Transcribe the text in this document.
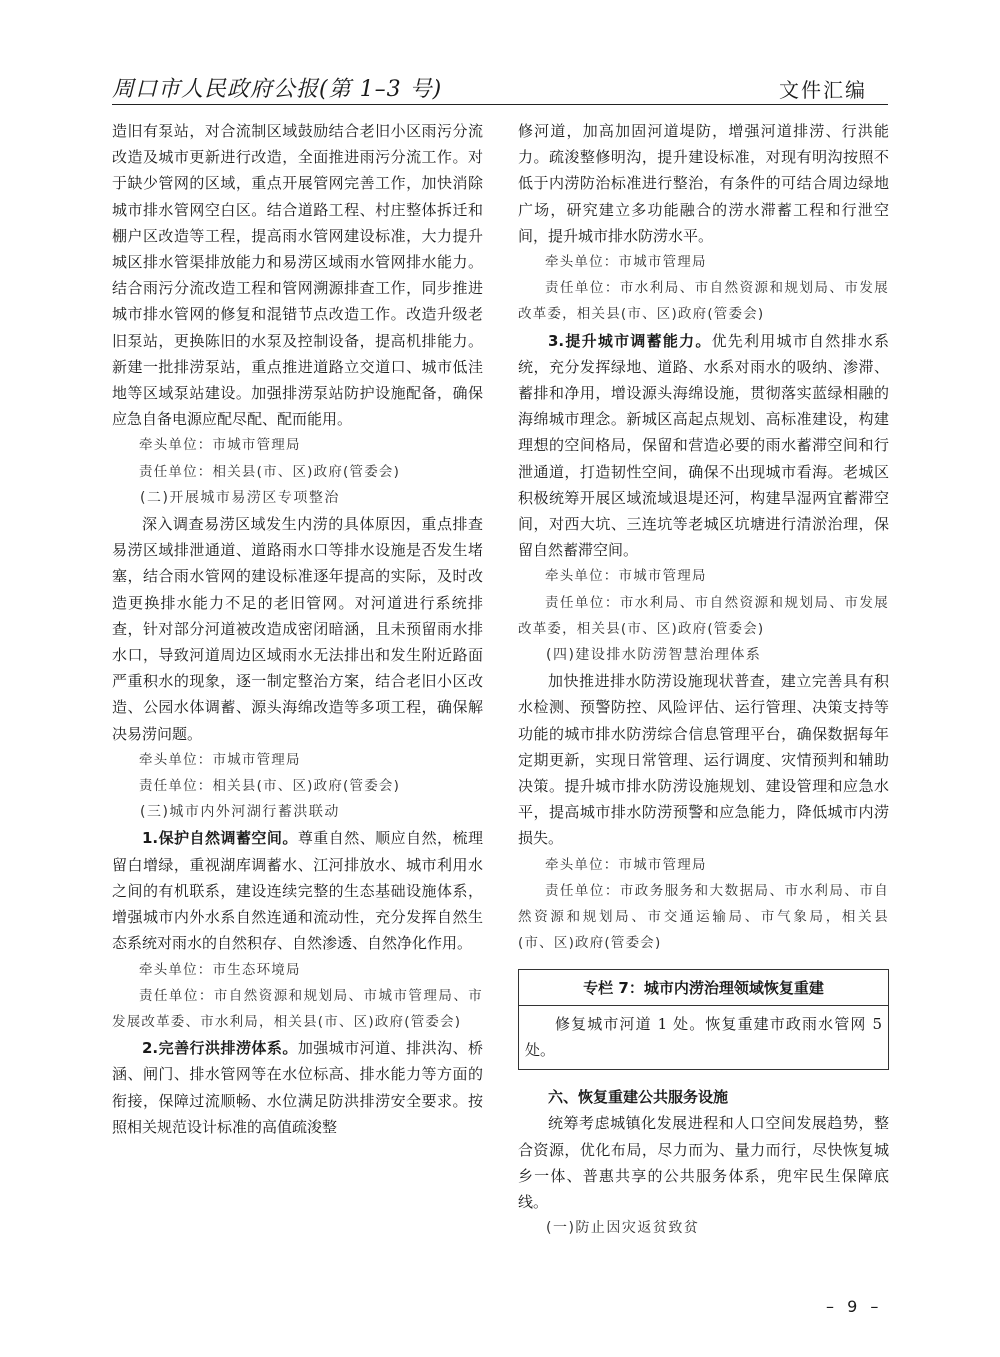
周口市人民政府公报(第 1–3 号)	文件汇编

造旧有泵站，对合流制区域鼓励结合老旧小区雨污分流改造及城市更新进行改造，全面推进雨污分流工作。对于缺少管网的区域，重点开展管网完善工作，加快消除城市排水管网空白区。结合道路工程、村庄整体拆迁和棚户区改造等工程，提高雨水管网建设标准，大力提升城区排水管渠排放能力和易涝区域雨水管网排水能力。结合雨污分流改造工程和管网溯源排查工作，同步推进城市排水管网的修复和混错节点改造工作。改造升级老旧泵站，更换陈旧的水泵及控制设备，提高机排能力。新建一批排涝泵站，重点推进道路立交道口、城市低洼地等区域泵站建设。加强排涝泵站防护设施配备，确保应急自备电源应配尽配、配而能用。

牵头单位：市城市管理局

责任单位：相关县(市、区)政府(管委会)

(二)开展城市易涝区专项整治

深入调查易涝区域发生内涝的具体原因，重点排查易涝区域排泄通道、道路雨水口等排水设施是否发生堵塞，结合雨水管网的建设标准逐年提高的实际，及时改造更换排水能力不足的老旧管网。对河道进行系统排查，针对部分河道被改造成密闭暗涵，且未预留雨水排水口，导致河道周边区域雨水无法排出和发生附近路面严重积水的现象，逐一制定整治方案，结合老旧小区改造、公园水体调蓄、源头海绵改造等多项工程，确保解决易涝问题。

牵头单位：市城市管理局

责任单位：相关县(市、区)政府(管委会)

(三)城市内外河湖行蓄洪联动

1.保护自然调蓄空间。尊重自然、顺应自然，梳理留白增绿，重视湖库调蓄水、江河排放水、城市利用水之间的有机联系，建设连续完整的生态基础设施体系，增强城市内外水系自然连通和流动性，充分发挥自然生态系统对雨水的自然积存、自然渗透、自然净化作用。

牵头单位：市生态环境局

责任单位：市自然资源和规划局、市城市管理局、市发展改革委、市水利局，相关县(市、区)政府(管委会)

2.完善行洪排涝体系。加强城市河道、排洪沟、桥涵、闸门、排水管网等在水位标高、排水能力等方面的衔接，保障过流顺畅、水位满足防洪排涝安全要求。按照相关规范设计标准的高值疏浚整

修河道，加高加固河道堤防，增强河道排涝、行洪能力。疏浚整修明沟，提升建设标准，对现有明沟按照不低于内涝防治标准进行整治，有条件的可结合周边绿地广场，研究建立多功能融合的涝水滞蓄工程和行泄空间，提升城市排水防涝水平。

牵头单位：市城市管理局

责任单位：市水利局、市自然资源和规划局、市发展改革委，相关县(市、区)政府(管委会)

3.提升城市调蓄能力。优先利用城市自然排水系统，充分发挥绿地、道路、水系对雨水的吸纳、渗滞、蓄排和净用，增设源头海绵设施，贯彻落实蓝绿相融的海绵城市理念。新城区高起点规划、高标准建设，构建理想的空间格局，保留和营造必要的雨水蓄滞空间和行泄通道，打造韧性空间，确保不出现城市看海。老城区积极统筹开展区域流域退堤还河，构建旱湿两宜蓄滞空间，对西大坑、三连坑等老城区坑塘进行清淤治理，保留自然蓄滞空间。

牵头单位：市城市管理局

责任单位：市水利局、市自然资源和规划局、市发展改革委，相关县(市、区)政府(管委会)

(四)建设排水防涝智慧治理体系

加快推进排水防涝设施现状普查，建立完善具有积水检测、预警防控、风险评估、运行管理、决策支持等功能的城市排水防涝综合信息管理平台，确保数据每年定期更新，实现日常管理、运行调度、灾情预判和辅助决策。提升城市排水防涝设施规划、建设管理和应急水平，提高城市排水防涝预警和应急能力，降低城市内涝损失。

牵头单位：市城市管理局

责任单位：市政务服务和大数据局、市水利局、市自然资源和规划局、市交通运输局、市气象局，相关县(市、区)政府(管委会)

专栏 7：城市内涝治理领域恢复重建
修复城市河道 1 处。恢复重建市政雨水管网 5 处。

六、恢复重建公共服务设施

统筹考虑城镇化发展进程和人口空间发展趋势，整合资源，优化布局，尽力而为、量力而行，尽快恢复城乡一体、普惠共享的公共服务体系，兜牢民生保障底线。

(一)防止因灾返贫致贫

– 9 –
